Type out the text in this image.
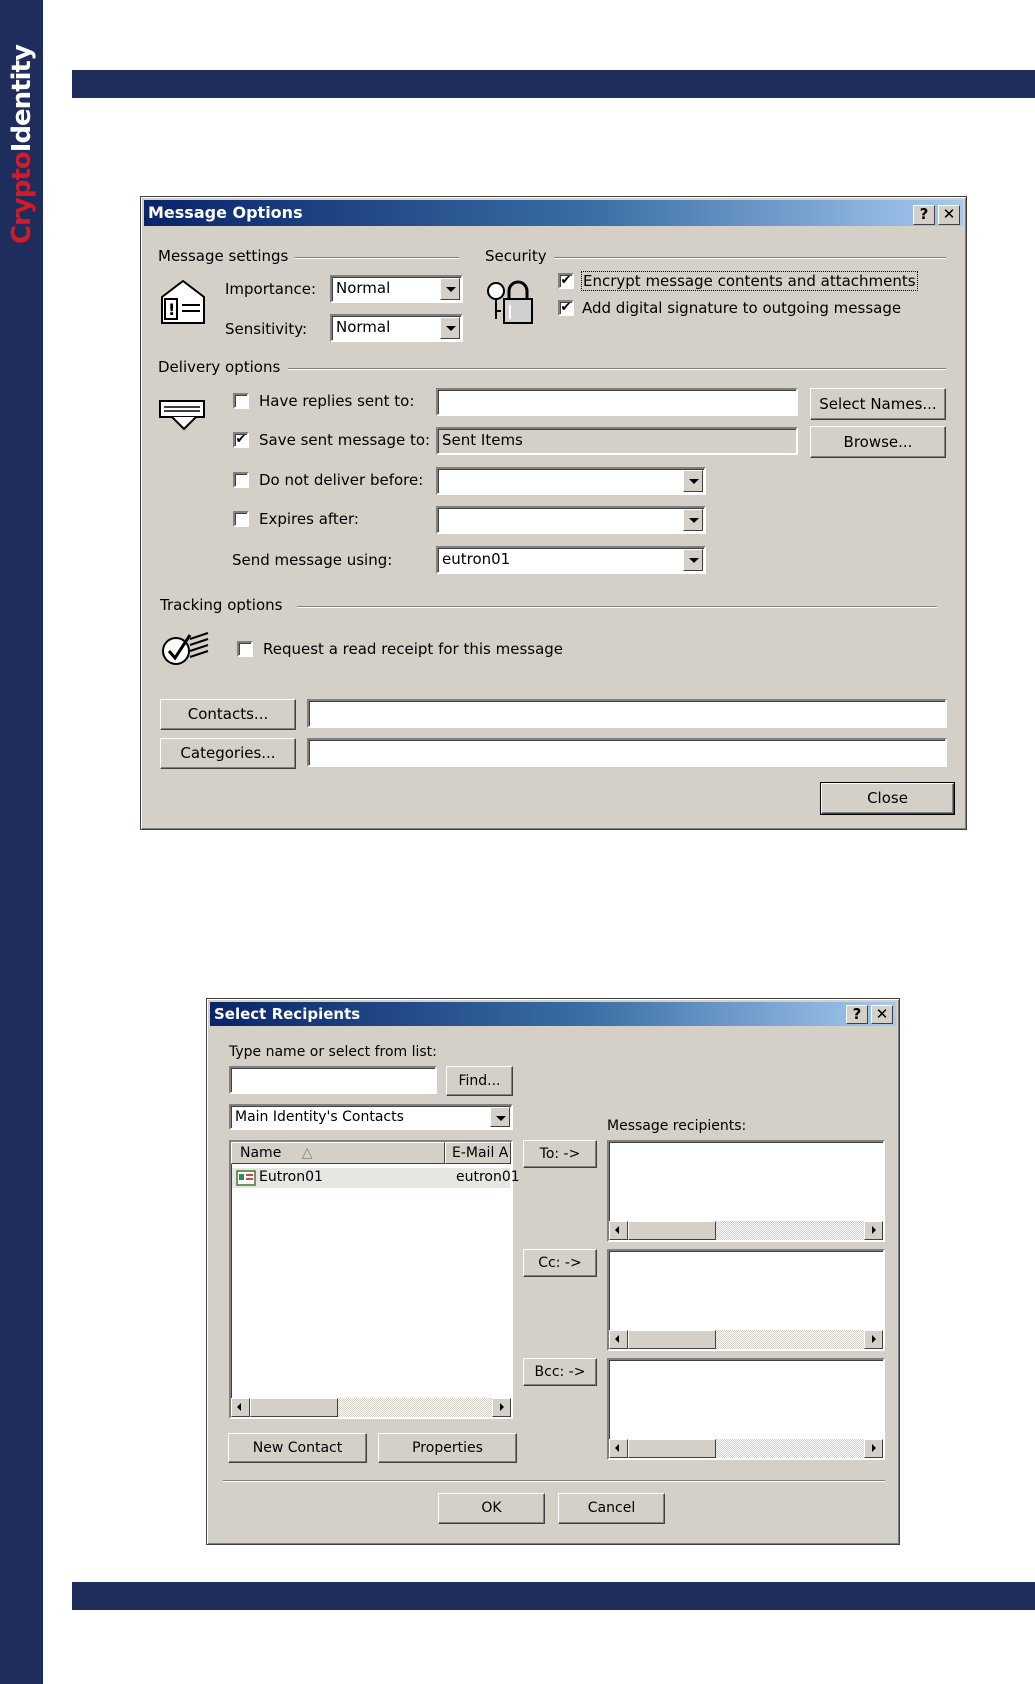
Crypto
Identity
Message Options	? ✕
Message settings
!
Importance:	Normal
Sensitivity:	Normal
Security
✔ Encrypt message contents and attachments
✔ Add digital signature to outgoing message
Delivery options
Have replies sent to:	Select Names...
✔ Save sent message to: Sent Items	Browse...
Do not deliver before:
Expires after:
Send message using:	eutron01
Tracking options
Request a read receipt for this message
Contacts...
Categories...
Close
Select Recipients	? ✕
Type name or select from list:
Find...
Main Identity's Contacts
Name △	E-Mail A
Eutron01	eutron01
New Contact	Properties
To: ->
Cc: ->
Bcc: ->
Message recipients:
OK	Cancel
